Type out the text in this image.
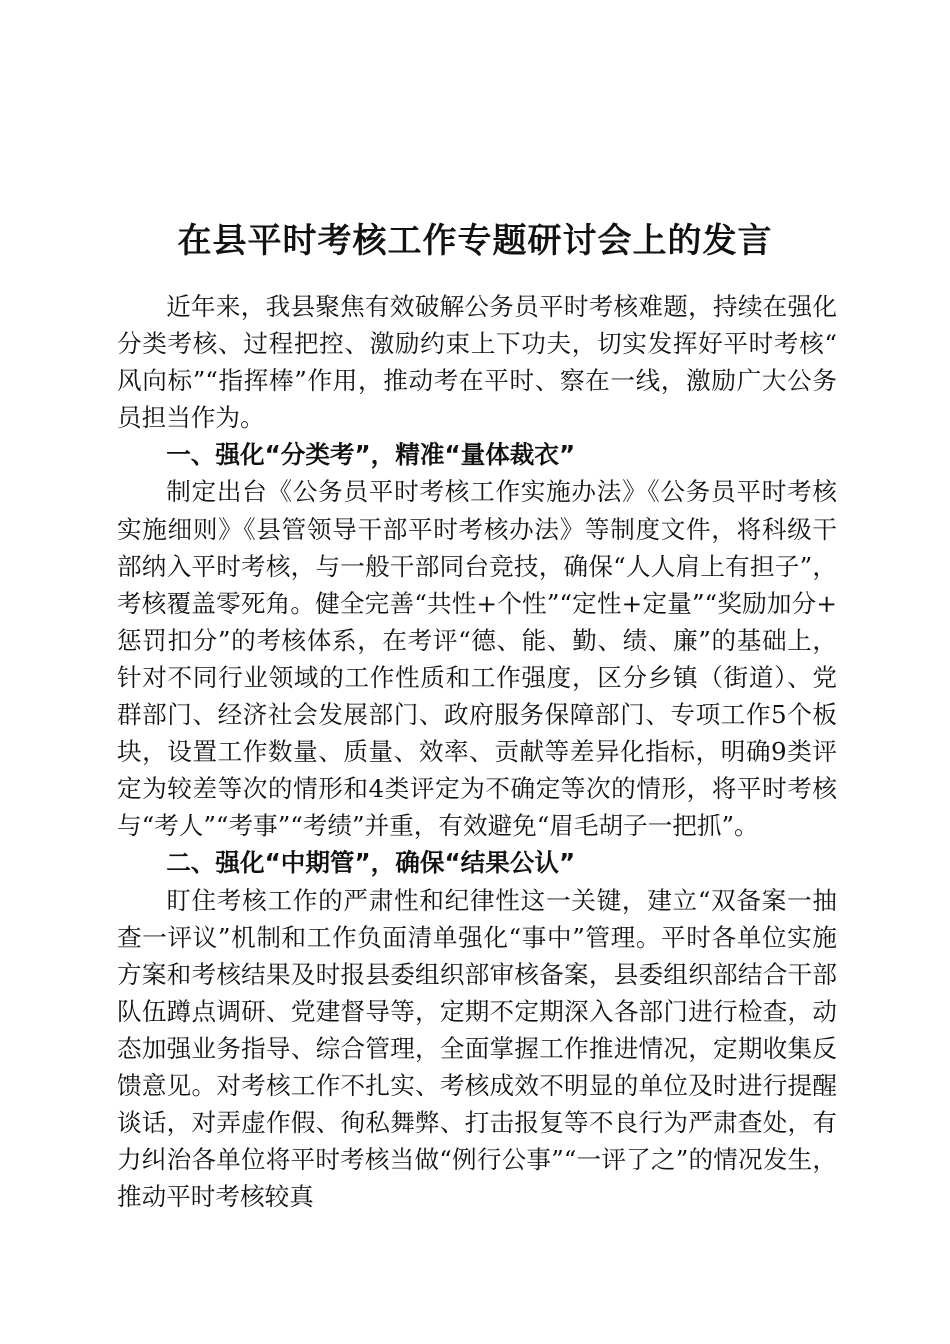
在县平时考核工作专题研讨会上的发言

近年来，我县聚焦有效破解公务员平时考核难题，持续在强化分类考核、过程把控、激励约束上下功夫，切实发挥好平时考核“风向标”“指挥棒”作用，推动考在平时、察在一线，激励广大公务员担当作为。

一、强化“分类考”，精准“量体裁衣”

制定出台《公务员平时考核工作实施办法》《公务员平时考核实施细则》《县管领导干部平时考核办法》等制度文件，将科级干部纳入平时考核，与一般干部同台竞技，确保“人人肩上有担子”，考核覆盖零死角。健全完善“共性+个性”“定性+定量”“奖励加分+惩罚扣分”的考核体系，在考评“德、能、勤、绩、廉”的基础上，针对不同行业领域的工作性质和工作强度，区分乡镇（街道）、党群部门、经济社会发展部门、政府服务保障部门、专项工作5个板块，设置工作数量、质量、效率、贡献等差异化指标，明确9类评定为较差等次的情形和4类评定为不确定等次的情形，将平时考核与“考人”“考事”“考绩”并重，有效避免“眉毛胡子一把抓”。

二、强化“中期管”，确保“结果公认”

盯住考核工作的严肃性和纪律性这一关键，建立“双备案一抽查一评议”机制和工作负面清单强化“事中”管理。平时各单位实施方案和考核结果及时报县委组织部审核备案，县委组织部结合干部队伍蹲点调研、党建督导等，定期不定期深入各部门进行检查，动态加强业务指导、综合管理，全面掌握工作推进情况，定期收集反馈意见。对考核工作不扎实、考核成效不明显的单位及时进行提醒谈话，对弄虚作假、徇私舞弊、打击报复等不良行为严肃查处，有力纠治各单位将平时考核当做“例行公事”“一评了之”的情况发生，推动平时考核较真
